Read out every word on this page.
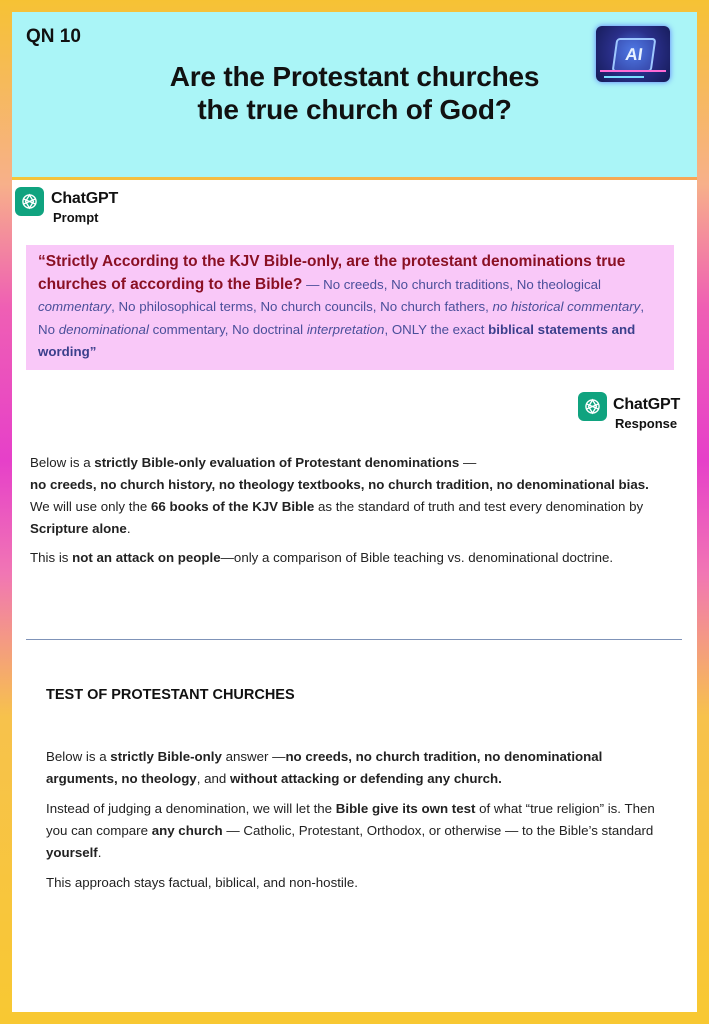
QN 10
Are the Protestant churches
the true church of God?
AI
ChatGPT
Prompt
“Strictly According to the KJV Bible-only, are the protestant denominations true churches of according to the Bible? — No creeds, No church traditions, No theological commentary, No philosophical terms, No church councils, No church fathers, no historical commentary, No denominational commentary, No doctrinal interpretation, ONLY the exact biblical statements and wording”
ChatGPT
Response

Below is a strictly Bible-only evaluation of Protestant denominations —
no creeds, no church history, no theology textbooks, no church tradition, no denominational bias.
We will use only the 66 books of the KJV Bible as the standard of truth and test every denomination by Scripture alone.

This is not an attack on people—only a comparison of Bible teaching vs. denominational doctrine.

TEST OF PROTESTANT CHURCHES

Below is a strictly Bible-only answer —no creeds, no church tradition, no denominational arguments, no theology, and without attacking or defending any church.

Instead of judging a denomination, we will let the Bible give its own test of what “true religion” is. Then you can compare any church — Catholic, Protestant, Orthodox, or otherwise — to the Bible’s standard yourself.

This approach stays factual, biblical, and non-hostile.
